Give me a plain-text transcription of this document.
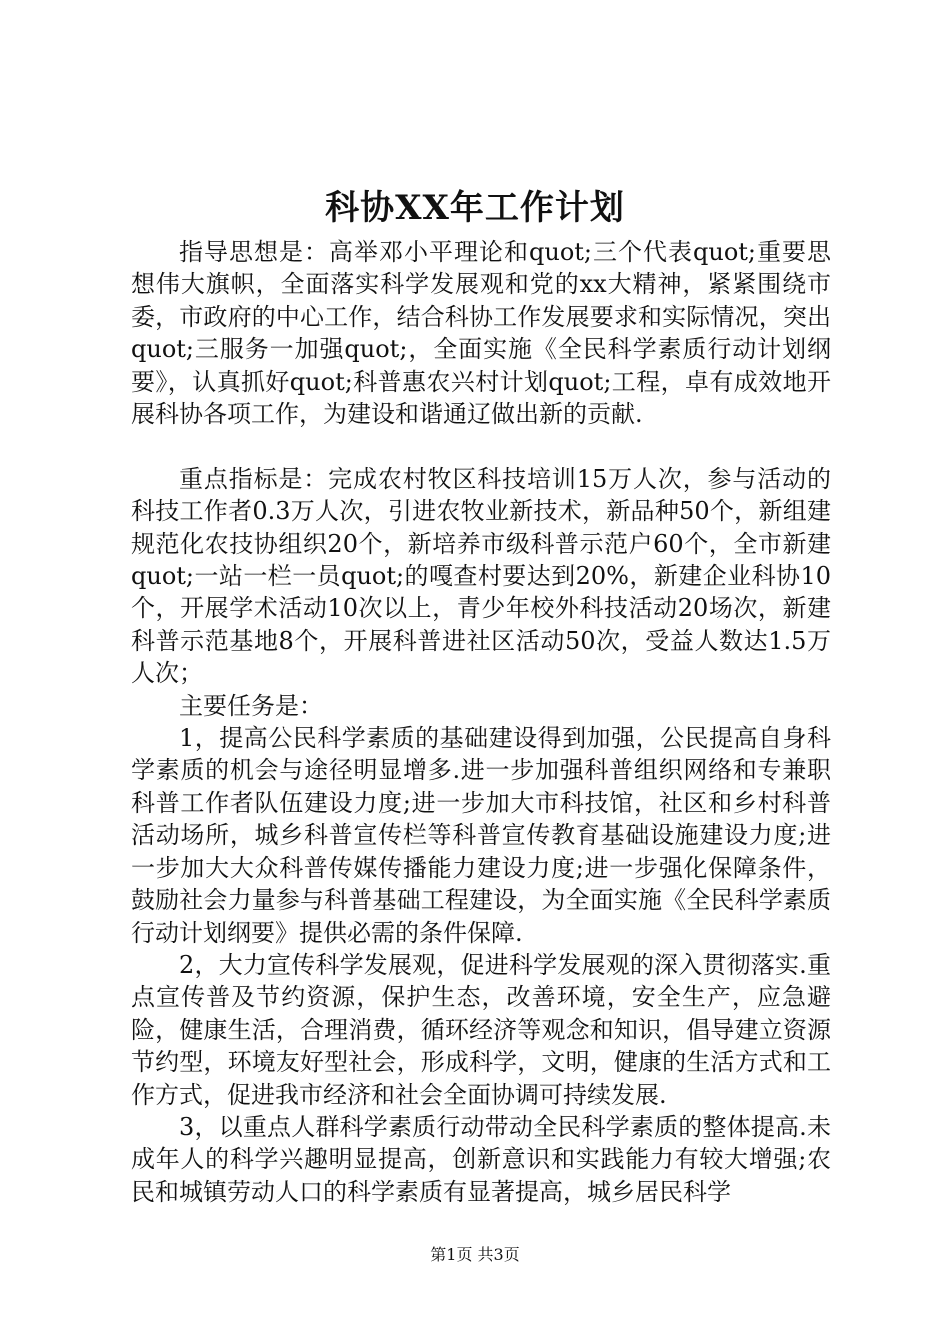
科协XX年工作计划

指导思想是：高举邓小平理论和quot;三个代表quot;重要思想伟大旗帜，全面落实科学发展观和党的xx大精神，紧紧围绕市委，市政府的中心工作，结合科协工作发展要求和实际情况，突出quot;三服务一加强quot;，全面实施《全民科学素质行动计划纲要》，认真抓好quot;科普惠农兴村计划quot;工程，卓有成效地开展科协各项工作，为建设和谐通辽做出新的贡献.

重点指标是：完成农村牧区科技培训15万人次，参与活动的科技工作者0.3万人次，引进农牧业新技术，新品种50个，新组建规范化农技协组织20个，新培养市级科普示范户60个，全市新建quot;一站一栏一员quot;的嘎查村要达到20%，新建企业科协10个，开展学术活动10次以上，青少年校外科技活动20场次，新建科普示范基地8个，开展科普进社区活动50次，受益人数达1.5万人次；

主要任务是：

1，提高公民科学素质的基础建设得到加强，公民提高自身科学素质的机会与途径明显增多.进一步加强科普组织网络和专兼职科普工作者队伍建设力度;进一步加大市科技馆，社区和乡村科普活动场所，城乡科普宣传栏等科普宣传教育基础设施建设力度;进一步加大大众科普传媒传播能力建设力度;进一步强化保障条件，鼓励社会力量参与科普基础工程建设，为全面实施《全民科学素质行动计划纲要》提供必需的条件保障.

2，大力宣传科学发展观，促进科学发展观的深入贯彻落实.重点宣传普及节约资源，保护生态，改善环境，安全生产，应急避险，健康生活，合理消费，循环经济等观念和知识，倡导建立资源节约型，环境友好型社会，形成科学，文明，健康的生活方式和工作方式，促进我市经济和社会全面协调可持续发展.

3，以重点人群科学素质行动带动全民科学素质的整体提高.未成年人的科学兴趣明显提高，创新意识和实践能力有较大增强;农民和城镇劳动人口的科学素质有显著提高，城乡居民科学

第1页 共3页
